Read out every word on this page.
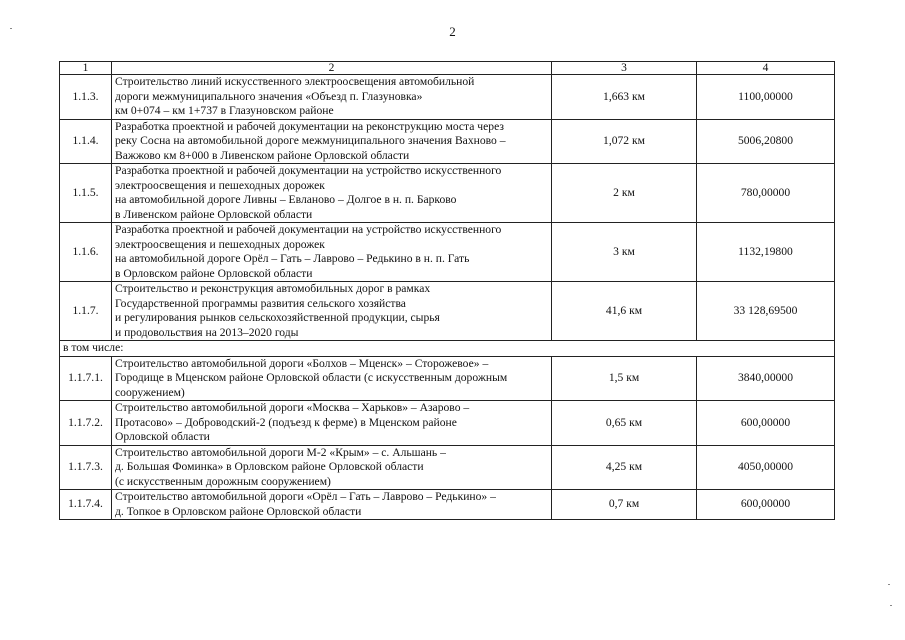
2
1	2	3	4
1.1.3.	Строительство линий искусственного электроосвещения автомобильной
дороги межмуниципального значения «Объезд п. Глазуновка»
км 0+074 – км 1+737 в Глазуновском районе	1,663 км	1100,00000
1.1.4.	Разработка проектной и рабочей документации на реконструкцию моста через
реку Сосна на автомобильной дороге межмуниципального значения Вахново –
Важжово км 8+000 в Ливенском районе Орловской области	1,072 км	5006,20800
1.1.5.	Разработка проектной и рабочей документации на устройство искусственного
электроосвещения и пешеходных дорожек
на автомобильной дороге Ливны – Евланово – Долгое в н. п. Барково
в Ливенском районе Орловской области	2 км	780,00000
1.1.6.	Разработка проектной и рабочей документации на устройство искусственного
электроосвещения и пешеходных дорожек
на автомобильной дороге Орёл – Гать – Лаврово – Редькино в н. п. Гать
в Орловском районе Орловской области	3 км	1132,19800
1.1.7.	Строительство и реконструкция автомобильных дорог в рамках
Государственной программы развития сельского хозяйства
и регулирования рынков сельскохозяйственной продукции, сырья
и продовольствия на 2013–2020 годы	41,6 км	33 128,69500
в том числе:			
1.1.7.1.	Строительство автомобильной дороги «Болхов – Мценск» – Сторожевое» –
Городище в Мценском районе Орловской области (с искусственным дорожным
сооружением)	1,5 км	3840,00000
1.1.7.2.	Строительство автомобильной дороги «Москва – Харьков» – Азарово –
Протасово» – Доброводский-2 (подъезд к ферме) в Мценском районе
Орловской области	0,65 км	600,00000
1.1.7.3.	Строительство автомобильной дороги М-2 «Крым» – с. Альшань –
д. Большая Фоминка» в Орловском районе Орловской области
(с искусственным дорожным сооружением)	4,25 км	4050,00000
1.1.7.4.	Строительство автомобильной дороги «Орёл – Гать – Лаврово – Редькино» –
д. Топкое в Орловском районе Орловской области	0,7 км	600,00000
